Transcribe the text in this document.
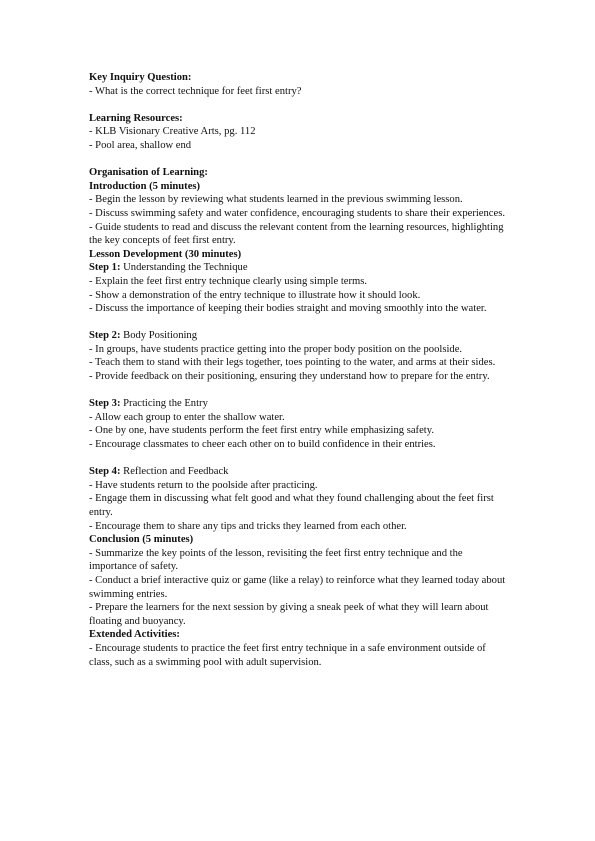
Key Inquiry Question:
- What is the correct technique for feet first entry?
Learning Resources:
- KLB Visionary Creative Arts, pg. 112
- Pool area, shallow end
Organisation of Learning:
Introduction (5 minutes)
- Begin the lesson by reviewing what students learned in the previous swimming lesson.
- Discuss swimming safety and water confidence, encouraging students to share their experiences.
- Guide students to read and discuss the relevant content from the learning resources, highlighting the key concepts of feet first entry.
Lesson Development (30 minutes)
Step 1: Understanding the Technique
- Explain the feet first entry technique clearly using simple terms.
- Show a demonstration of the entry technique to illustrate how it should look.
- Discuss the importance of keeping their bodies straight and moving smoothly into the water.
Step 2: Body Positioning
- In groups, have students practice getting into the proper body position on the poolside.
- Teach them to stand with their legs together, toes pointing to the water, and arms at their sides.
- Provide feedback on their positioning, ensuring they understand how to prepare for the entry.
Step 3: Practicing the Entry
- Allow each group to enter the shallow water.
- One by one, have students perform the feet first entry while emphasizing safety.
- Encourage classmates to cheer each other on to build confidence in their entries.
Step 4: Reflection and Feedback
- Have students return to the poolside after practicing.
- Engage them in discussing what felt good and what they found challenging about the feet first entry.
- Encourage them to share any tips and tricks they learned from each other.
Conclusion (5 minutes)
- Summarize the key points of the lesson, revisiting the feet first entry technique and the importance of safety.
- Conduct a brief interactive quiz or game (like a relay) to reinforce what they learned today about swimming entries.
- Prepare the learners for the next session by giving a sneak peek of what they will learn about floating and buoyancy.
Extended Activities:
- Encourage students to practice the feet first entry technique in a safe environment outside of class, such as a swimming pool with adult supervision.
